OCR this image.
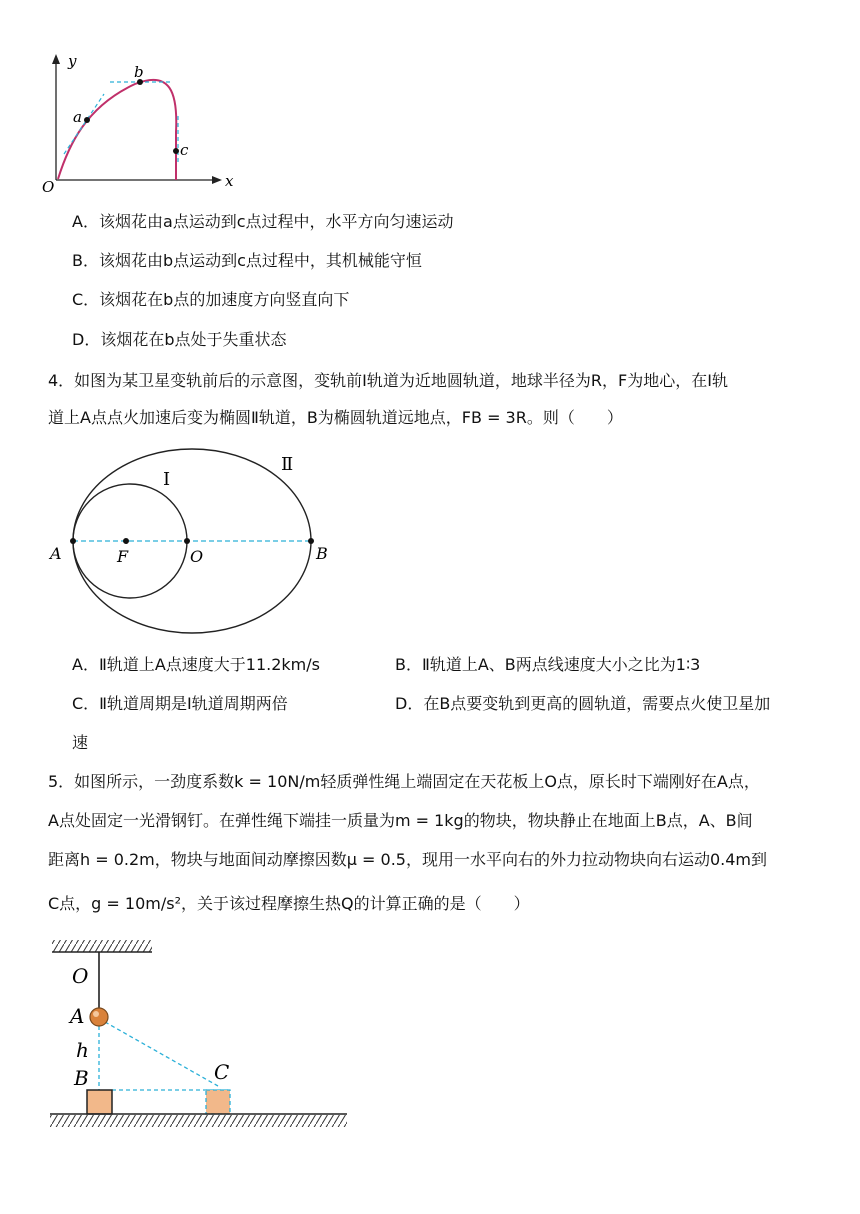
y
x
O
a
b
c
A．该烟花由a点运动到c点过程中，水平方向匀速运动
B．该烟花由b点运动到c点过程中，其机械能守恒
C．该烟花在b点的加速度方向竖直向下
D．该烟花在b点处于失重状态
4．如图为某卫星变轨前后的示意图，变轨前Ⅰ轨道为近地圆轨道，地球半径为R，F为地心，在Ⅰ轨
道上A点点火加速后变为椭圆Ⅱ轨道，B为椭圆轨道远地点，FB = 3R。则（　　）
Ⅰ
Ⅱ
A	F	O	B
A．Ⅱ轨道上A点速度大于11.2km/s	B．Ⅱ轨道上A、B两点线速度大小之比为1∶3
C．Ⅱ轨道周期是Ⅰ轨道周期两倍	D．在B点要变轨到更高的圆轨道，需要点火使卫星加
速
5．如图所示，一劲度系数k = 10N/m轻质弹性绳上端固定在天花板上O点，原长时下端刚好在A点，
A点处固定一光滑钢钉。在弹性绳下端挂一质量为m = 1kg的物块，物块静止在地面上B点，A、B间
距离h = 0.2m，物块与地面间动摩擦因数μ = 0.5，现用一水平向右的外力拉动物块向右运动0.4m到
C点，g = 10m/s²，关于该过程摩擦生热Q的计算正确的是（　　）
O
A
h
B	C
